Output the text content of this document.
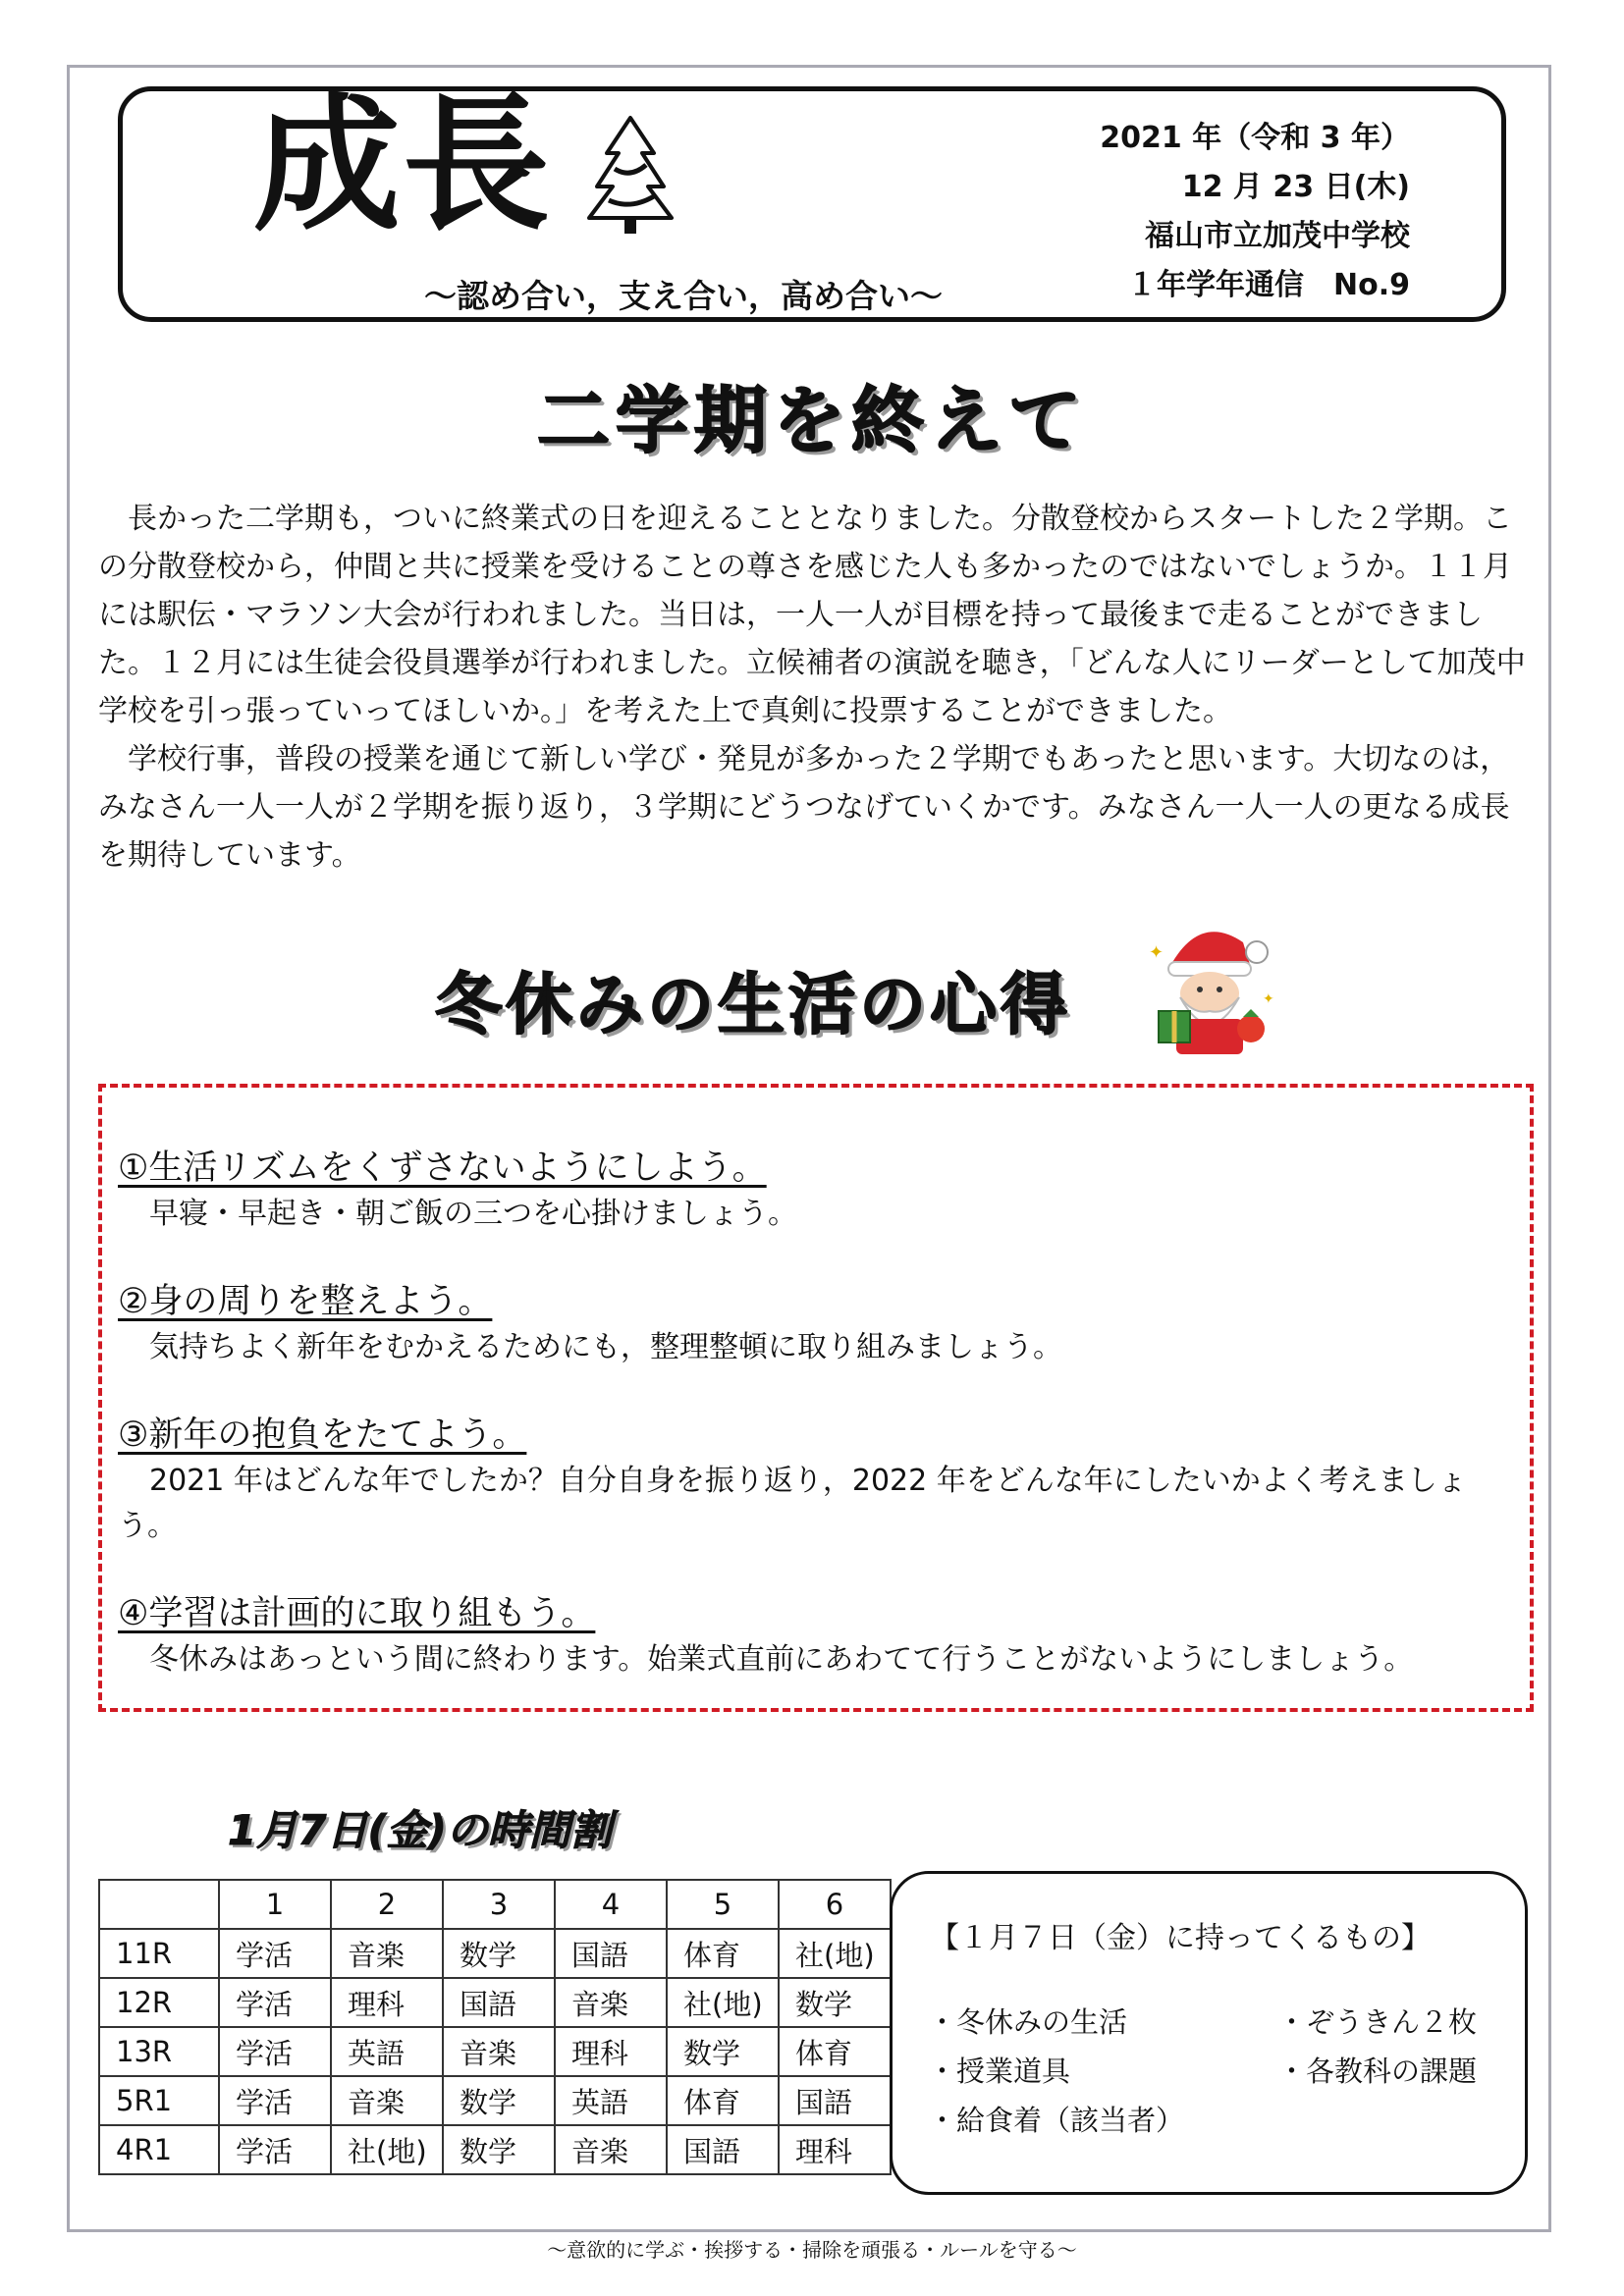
成長
～認め合い，支え合い，高め合い～
2021 年（令和 3 年）
12 月 23 日(木)
福山市立加茂中学校
１年学年通信　No.9
二学期を終えて

長かった二学期も，ついに終業式の日を迎えることとなりました。分散登校からスタートした２学期。この分散登校から，仲間と共に授業を受けることの尊さを感じた人も多かったのではないでしょうか。１１月には駅伝・マラソン大会が行われました。当日は，一人一人が目標を持って最後まで走ることができました。１２月には生徒会役員選挙が行われました。立候補者の演説を聴き，「どんな人にリーダーとして加茂中学校を引っ張っていってほしいか。」を考えた上で真剣に投票することができました。

学校行事，普段の授業を通じて新しい学び・発見が多かった２学期でもあったと思います。大切なのは，みなさん一人一人が２学期を振り返り，３学期にどうつなげていくかです。みなさん一人一人の更なる成長を期待しています。

冬休みの生活の心得
✦
✦
①生活リズムをくずさないようにしよう。
早寝・早起き・朝ご飯の三つを心掛けましょう。
②身の周りを整えよう。
気持ちよく新年をむかえるためにも，整理整頓に取り組みましょう。
③新年の抱負をたてよう。
2021 年はどんな年でしたか？自分自身を振り返り，2022 年をどんな年にしたいかよく考えましょう。
④学習は計画的に取り組もう。
冬休みはあっという間に終わります。始業式直前にあわてて行うことがないようにしましょう。
1月7日(金)の時間割
	1	2	3	4	5	6
11R	学活	音楽	数学	国語	体育	社(地)
12R	学活	理科	国語	音楽	社(地)	数学
13R	学活	英語	音楽	理科	数学	体育
5R1	学活	音楽	数学	英語	体育	国語
4R1	学活	社(地)	数学	音楽	国語	理科
【１月７日（金）に持ってくるもの】
・ 冬休みの生活
・ 授業道具
・ 給食着（該当者）
・ ぞうきん２枚
・ 各教科の課題
～意欲的に学ぶ・挨拶する・掃除を頑張る・ルールを守る～
